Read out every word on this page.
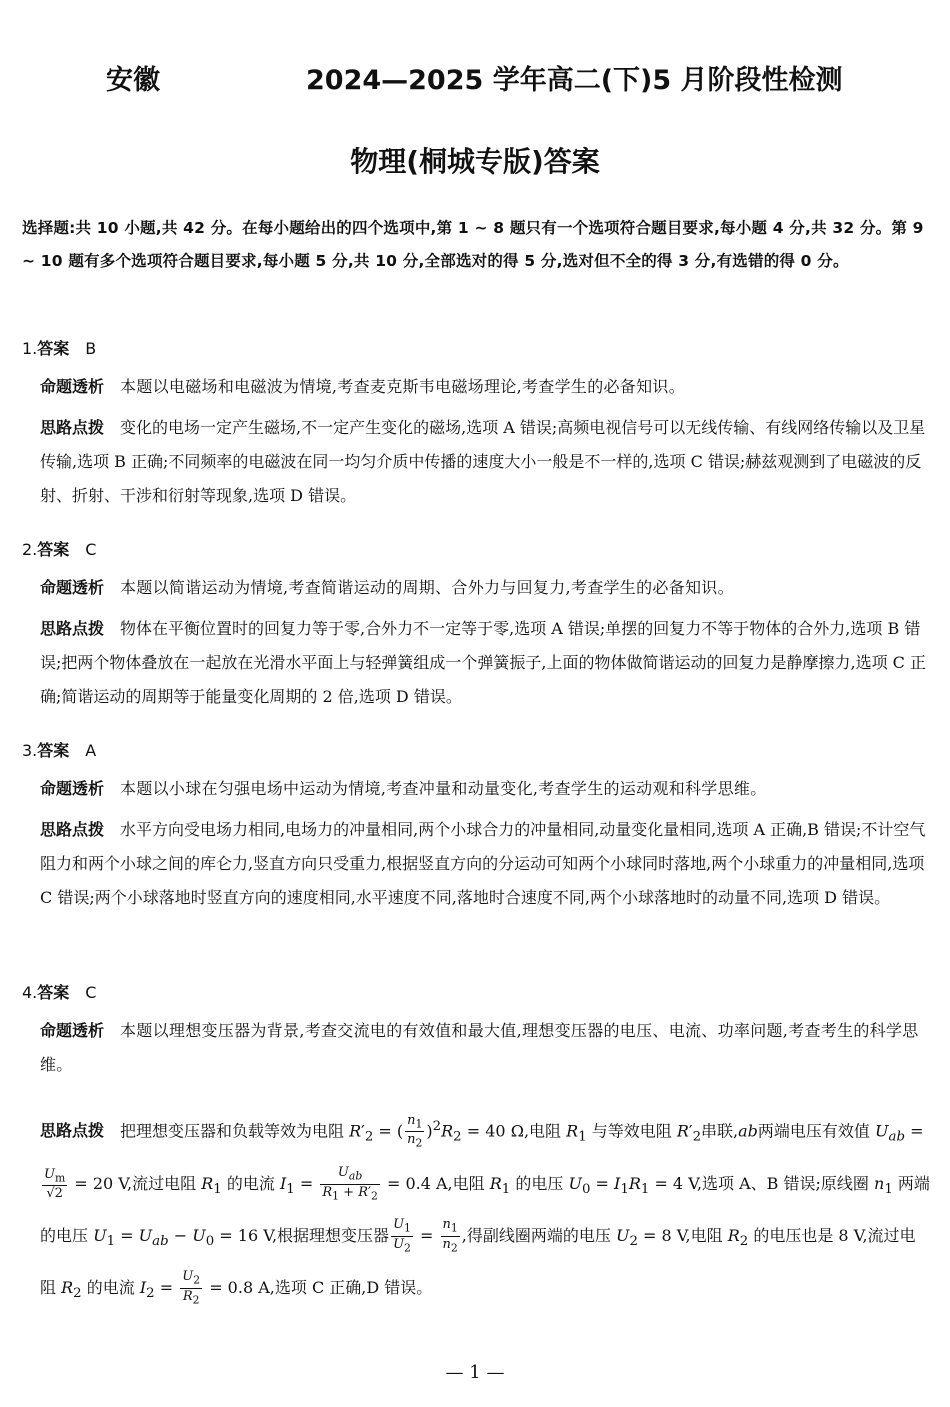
安徽	2024—2025 学年高二(下)5 月阶段性检测
物理(桐城专版)答案
选择题:共 10 小题,共 42 分。在每小题给出的四个选项中,第 1 ~ 8 题只有一个选项符合题目要求,每小题 4 分,共 32 分。第 9 ~ 10 题有多个选项符合题目要求,每小题 5 分,共 10 分,全部选对的得 5 分,选对但不全的得 3 分,有选错的得 0 分。
1.答案 B
命题透析 本题以电磁场和电磁波为情境,考查麦克斯韦电磁场理论,考查学生的必备知识。
思路点拨 变化的电场一定产生磁场,不一定产生变化的磁场,选项 A 错误;高频电视信号可以无线传输、有线网络传输以及卫星传输,选项 B 正确;不同频率的电磁波在同一均匀介质中传播的速度大小一般是不一样的,选项 C 错误;赫兹观测到了电磁波的反射、折射、干涉和衍射等现象,选项 D 错误。
2.答案 C
命题透析 本题以简谐运动为情境,考查简谐运动的周期、合外力与回复力,考查学生的必备知识。
思路点拨 物体在平衡位置时的回复力等于零,合外力不一定等于零,选项 A 错误;单摆的回复力不等于物体的合外力,选项 B 错误;把两个物体叠放在一起放在光滑水平面上与轻弹簧组成一个弹簧振子,上面的物体做简谐运动的回复力是静摩擦力,选项 C 正确;简谐运动的周期等于能量变化周期的 2 倍,选项 D 错误。
3.答案 A
命题透析 本题以小球在匀强电场中运动为情境,考查冲量和动量变化,考查学生的运动观和科学思维。
思路点拨 水平方向受电场力相同,电场力的冲量相同,两个小球合力的冲量相同,动量变化量相同,选项 A 正确,B 错误;不计空气阻力和两个小球之间的库仑力,竖直方向只受重力,根据竖直方向的分运动可知两个小球同时落地,两个小球重力的冲量相同,选项 C 错误;两个小球落地时竖直方向的速度相同,水平速度不同,落地时合速度不同,两个小球落地时的动量不同,选项 D 错误。
4.答案 C
命题透析 本题以理想变压器为背景,考查交流电的有效值和最大值,理想变压器的电压、电流、功率问题,考查考生的科学思维。
思路点拨 把理想变压器和负载等效为电阻 $R'_2$ = ( $\frac{n_1}{n_2} )^2R_2 = 40$ Ω,电阻 $R_1$ 与等效电阻 $R'_2$串联,ab两端电压有效值 $U_{ab}$ =
$\frac{U_m}{√2} = 20$ V,流过电阻 $R_1$ 的电流 $I_1 = \frac{U_{ab}}{R_1 + R'_2} = 0.4$ A,电阻 $R_1$ 的电压 $U_0 = I_1R_1 = 4$ V,选项 A、B 错误;原线圈 $n_1$ 两端的电压 $U_1 = U_{ab} - U_0 = 16$ V,根据理想变压器 $\frac{U_1}{U_2} = \frac{n_1}{n_2}$ ,得副线圈两端的电压 $U_2 = 8$ V,电阻 $R_2$ 的电压也是 8 V,流过电阻 $R_2$ 的电流 $I_2 = \frac{U_2}{R_2} = 0.8$ A,选项 C 正确,D 错误。
— 1 —
